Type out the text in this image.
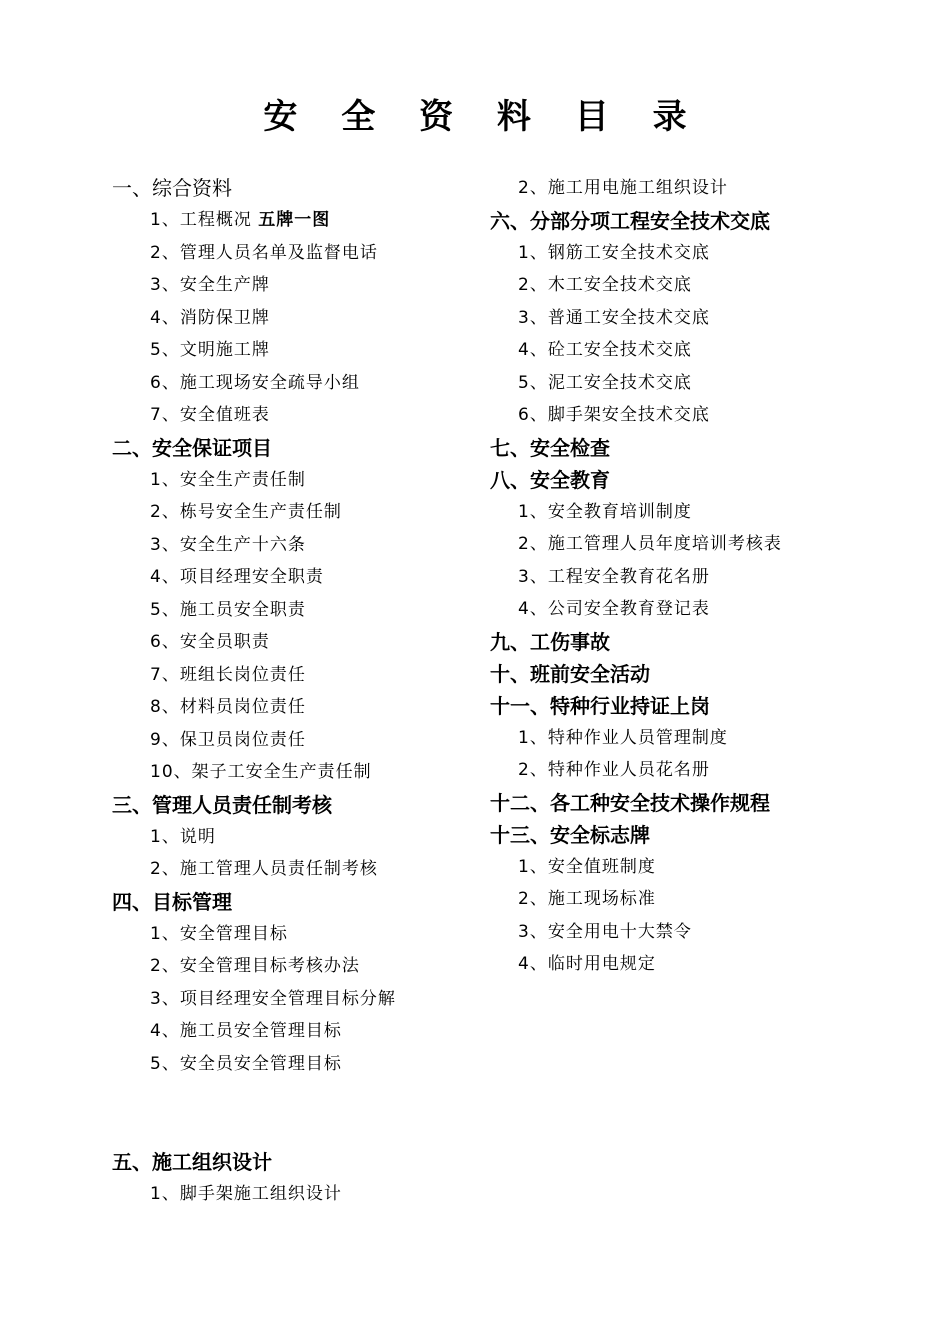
安 全 资 料 目 录
一、综合资料
1、工程概况 五牌一图
2、管理人员名单及监督电话
3、安全生产牌
4、消防保卫牌
5、文明施工牌
6、施工现场安全疏导小组
7、安全值班表
二、安全保证项目
1、安全生产责任制
2、栋号安全生产责任制
3、安全生产十六条
4、项目经理安全职责
5、施工员安全职责
6、安全员职责
7、班组长岗位责任
8、材料员岗位责任
9、保卫员岗位责任
10、架子工安全生产责任制
三、管理人员责任制考核
1、说明
2、施工管理人员责任制考核
四、目标管理
1、安全管理目标
2、安全管理目标考核办法
3、项目经理安全管理目标分解
4、施工员安全管理目标
5、安全员安全管理目标
五、施工组织设计
1、脚手架施工组织设计
2、施工用电施工组织设计
六、分部分项工程安全技术交底
1、钢筋工安全技术交底
2、木工安全技术交底
3、普通工安全技术交底
4、砼工安全技术交底
5、泥工安全技术交底
6、脚手架安全技术交底
七、安全检查
八、安全教育
1、安全教育培训制度
2、施工管理人员年度培训考核表
3、工程安全教育花名册
4、公司安全教育登记表
九、工伤事故
十、班前安全活动
十一、特种行业持证上岗
1、特种作业人员管理制度
2、特种作业人员花名册
十二、各工种安全技术操作规程
十三、安全标志牌
1、安全值班制度
2、施工现场标准
3、安全用电十大禁令
4、临时用电规定
